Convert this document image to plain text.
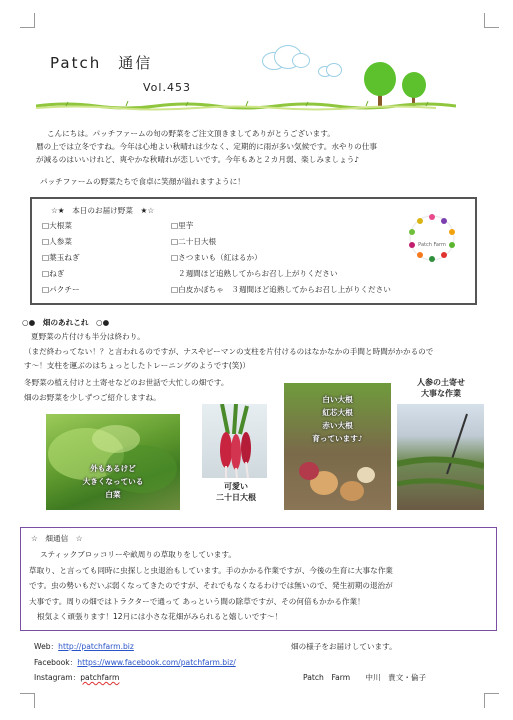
Patch　通信
Vol.453
こんにちは。パッチファームの旬の野菜をご注文頂きましてありがとうございます。
暦の上では立冬ですね。今年は心地よい秋晴れは少なく、定期的に雨が多い気候です。水やりの仕事
が減るのはいいけれど、爽やかな秋晴れが恋しいです。今年もあと２カ月弱、楽しみましょう♪
パッチファームの野菜たちで食卓に笑顔が溢れますように！
☆★　本日のお届け野菜　★☆
□大根菜
□人参菜
□葉玉ねぎ
□ねぎ
□パクチー
□里芋
□二十日大根
□さつまいも（紅はるか）
２週間ほど追熟してからお召し上がりください
□白皮かぼちゃ　３週間ほど追熟してからお召し上がりください
Patch Farm
○●　畑のあれこれ　○●
夏野菜の片付けも半分は終わり。
（まだ終わってない！？と言われるのですが、ナスやピーマンの支柱を片付けるのはなかなかの手間と時間がかかるので
す〜！支柱を運ぶのはちょっとしたトレーニングのようです(笑)）
冬野菜の植え付けと土寄せなどのお世話で大忙しの畑です。
畑のお野菜を少しずつご紹介しますね。
外もあるけど
大きくなっている
白菜
可愛い
二十日大根
白い大根
紅芯大根
赤い大根
育っています♪
人参の土寄せ
大事な作業
☆　畑通信　☆
スティックブロッコリーや畝周りの草取りをしています。
草取り、と言っても同時に虫探しと虫退治もしています。手のかかる作業ですが、今後の生育に大事な作業
です。虫の勢いもだいぶ弱くなってきたのですが、それでもなくなるわけでは無いので、発生初期の退治が
大事です。周りの畑ではトラクターで通って あっという間の除草ですが、その何倍もかかる作業！
根気よく頑張ります！12月には小さな花畑がみられると嬉しいです〜！
Web：http://patchfarm.biz
Facebook：https://www.facebook.com/patchfarm.biz/
Instagram：patchfarm
畑の様子をお届けしています。
Patch　Farm　　中川　貴文・倫子
